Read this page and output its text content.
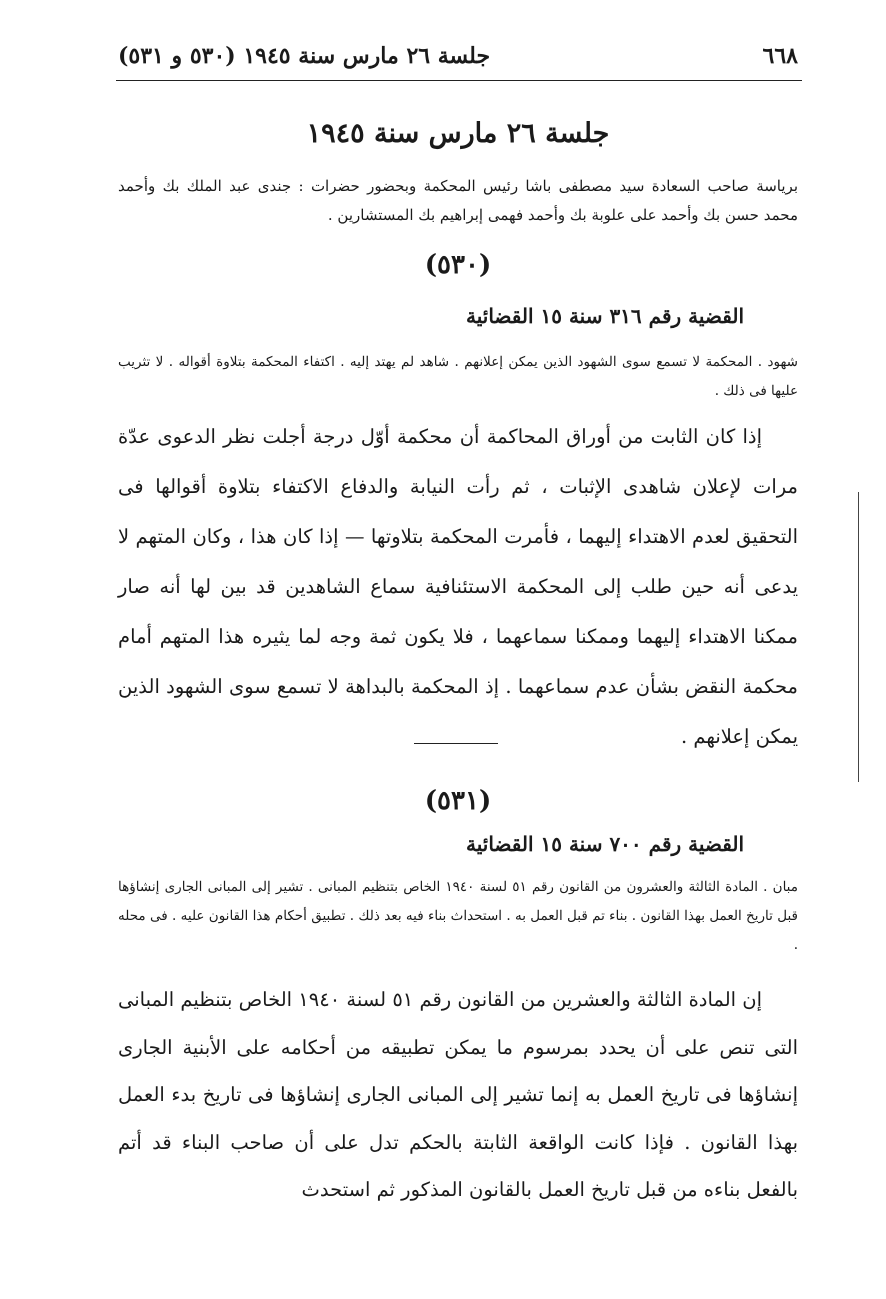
٦٦٨
جلسة ٢٦ مارس سنة ١٩٤٥ (٥٣٠ و ٥٣١)
جلسة ٢٦ مارس سنة ١٩٤٥
برياسة صاحب السعادة سيد مصطفى باشا رئيس المحكمة وبحضور حضرات : جندى عبد الملك بك وأحمد محمد حسن بك وأحمد على علوبة بك وأحمد فهمى إبراهيم بك المستشارين .
(٥٣٠)
القضية رقم ٣١٦ سنة ١٥ القضائية
شهود . المحكمة لا تسمع سوى الشهود الذين يمكن إعلانهم . شاهد لم يهتد إليه . اكتفاء المحكمة بتلاوة أقواله . لا تثريب عليها فى ذلك .
إذا كان الثابت من أوراق المحاكمة أن محكمة أوّل درجة أجلت نظر الدعوى عدّة مرات لإعلان شاهدى الإثبات ، ثم رأت النيابة والدفاع الاكتفاء بتلاوة أقوالها فى التحقيق لعدم الاهتداء إليهما ، فأمرت المحكمة بتلاوتها — إذا كان هذا ، وكان المتهم لا يدعى أنه حين طلب إلى المحكمة الاستئنافية سماع الشاهدين قد بين لها أنه صار ممكنا الاهتداء إليهما وممكنا سماعهما ، فلا يكون ثمة وجه لما يثيره هذا المتهم أمام محكمة النقض بشأن عدم سماعهما . إذ المحكمة بالبداهة لا تسمع سوى الشهود الذين يمكن إعلانهم .
(٥٣١)
القضية رقم ٧٠٠ سنة ١٥ القضائية
مبان . المادة الثالثة والعشرون من القانون رقم ٥١ لسنة ١٩٤٠ الخاص بتنظيم المبانى . تشير إلى المبانى الجارى إنشاؤها قبل تاريخ العمل بهذا القانون . بناء تم قبل العمل به . استحداث بناء فيه بعد ذلك . تطبيق أحكام هذا القانون عليه . فى محله .
إن المادة الثالثة والعشرين من القانون رقم ٥١ لسنة ١٩٤٠ الخاص بتنظيم المبانى التى تنص على أن يحدد بمرسوم ما يمكن تطبيقه من أحكامه على الأبنية الجارى إنشاؤها فى تاريخ العمل به إنما تشير إلى المبانى الجارى إنشاؤها فى تاريخ بدء العمل بهذا القانون . فإذا كانت الواقعة الثابتة بالحكم تدل على أن صاحب البناء قد أتم بالفعل بناءه من قبل تاريخ العمل بالقانون المذكور ثم استحدث
